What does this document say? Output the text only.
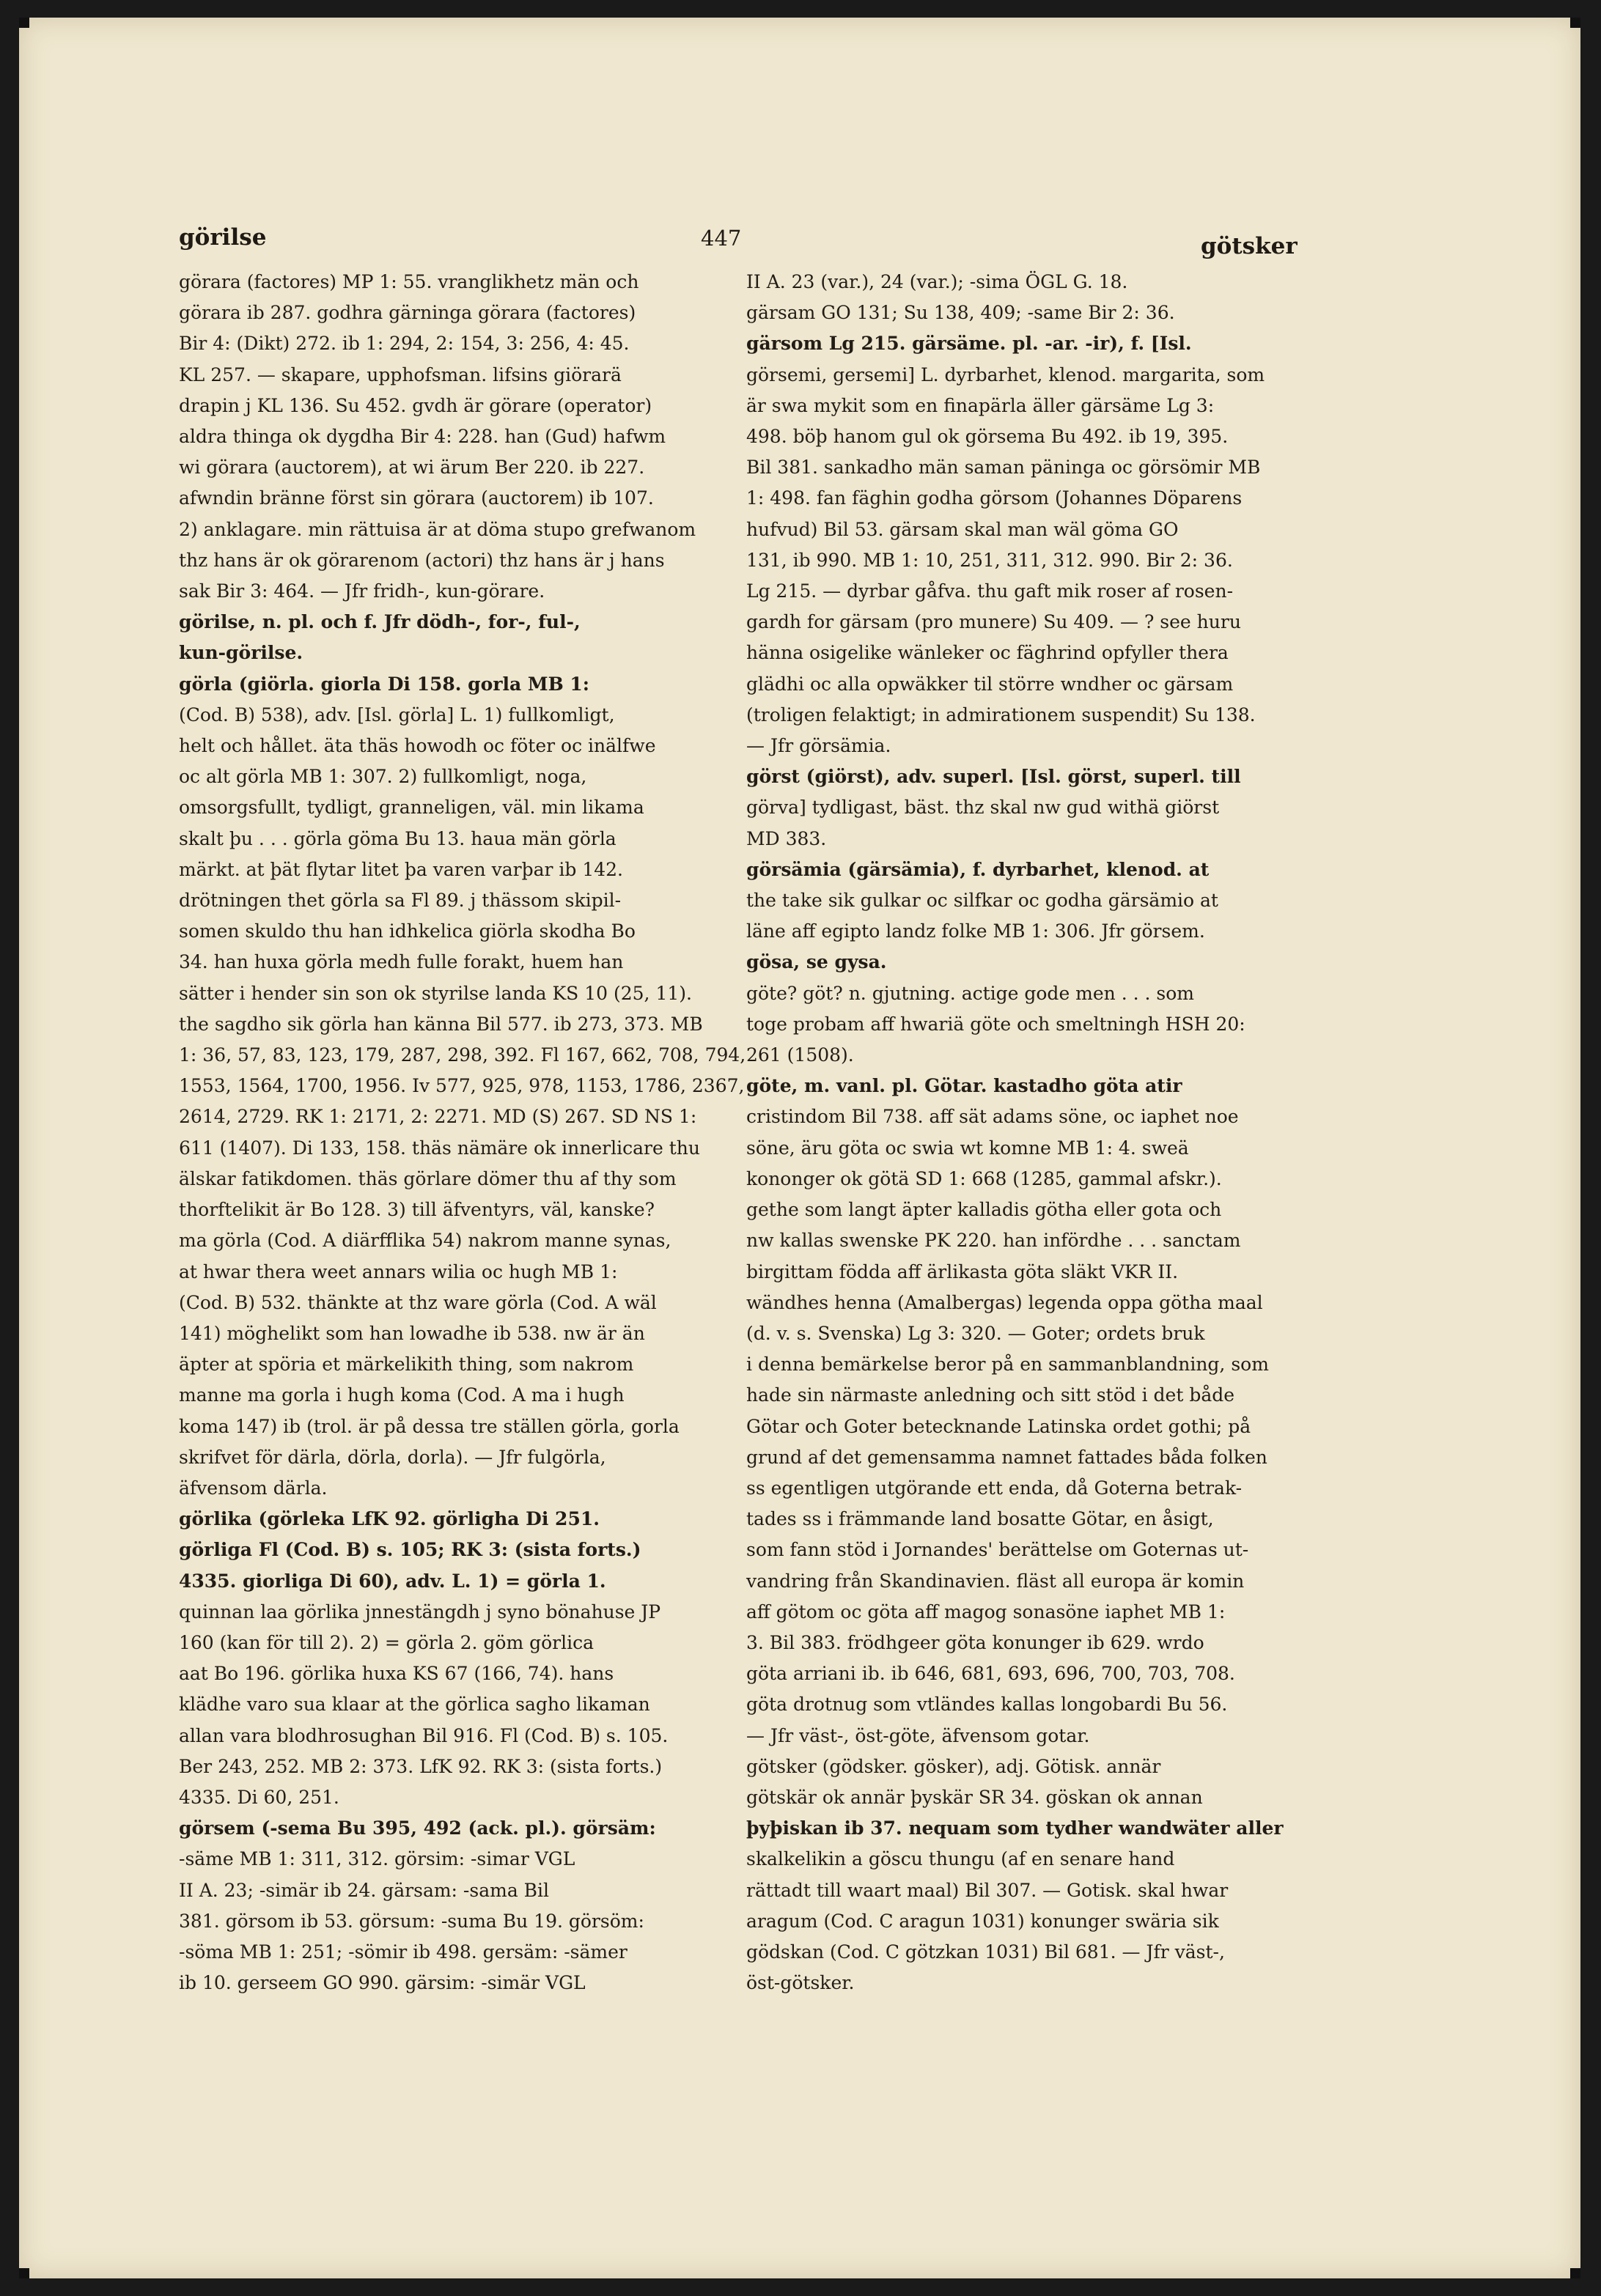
görilse	447	götsker

görara (factores) MP 1: 55. vranglikhetz män och

görara ib 287. godhra gärninga görara (factores)

Bir 4: (Dikt) 272. ib 1: 294, 2: 154, 3: 256, 4: 45.

KL 257. — skapare, upphofsman. lifsins giörarä

drapin j KL 136. Su 452. gvdh är görare (operator)

aldra thinga ok dygdha Bir 4: 228. han (Gud) hafwm

wi görara (auctorem), at wi ärum Ber 220. ib 227.

afwndin bränne först sin görara (auctorem) ib 107.

2) anklagare. min rättuisa är at döma stupo grefwanom

thz hans är ok görarenom (actori) thz hans är j hans

sak Bir 3: 464. — Jfr fridh-, kun-görare.

görilse, n. pl. och f. Jfr dödh-, for-, ful-,

kun-görilse.

görla (giörla. giorla Di 158. gorla MB 1:

(Cod. B) 538), adv. [Isl. görla] L. 1) fullkomligt,

helt och hållet. äta thäs howodh oc föter oc inälfwe

oc alt görla MB 1: 307. 2) fullkomligt, noga,

omsorgsfullt, tydligt, granneligen, väl. min likama

skalt þu . . . görla göma Bu 13. haua män görla

märkt. at þät flytar litet þa varen varþar ib 142.

drötningen thet görla sa Fl 89. j thässom skipil-

somen skuldo thu han idhkelica giörla skodha Bo

34. han huxa görla medh fulle forakt, huem han

sätter i hender sin son ok styrilse landa KS 10 (25, 11).

the sagdho sik görla han känna Bil 577. ib 273, 373. MB

1: 36, 57, 83, 123, 179, 287, 298, 392. Fl 167, 662, 708, 794,

1553, 1564, 1700, 1956. Iv 577, 925, 978, 1153, 1786, 2367,

2614, 2729. RK 1: 2171, 2: 2271. MD (S) 267. SD NS 1:

611 (1407). Di 133, 158. thäs nämäre ok innerlicare thu

älskar fatikdomen. thäs görlare dömer thu af thy som

thorftelikit är Bo 128. 3) till äfventyrs, väl, kanske?

ma görla (Cod. A diärfflika 54) nakrom manne synas,

at hwar thera weet annars wilia oc hugh MB 1:

(Cod. B) 532. thänkte at thz ware görla (Cod. A wäl

141) möghelikt som han lowadhe ib 538. nw är än

äpter at spöria et märkelikith thing, som nakrom

manne ma gorla i hugh koma (Cod. A ma i hugh

koma 147) ib (trol. är på dessa tre ställen görla, gorla

skrifvet för därla, dörla, dorla). — Jfr fulgörla,

äfvensom därla.

görlika (görleka LfK 92. görligha Di 251.

görliga Fl (Cod. B) s. 105; RK 3: (sista forts.)

4335. giorliga Di 60), adv. L. 1) = görla 1.

quinnan laa görlika jnnestängdh j syno bönahuse JP

160 (kan för till 2). 2) = görla 2. göm görlica

aat Bo 196. görlika huxa KS 67 (166, 74). hans

klädhe varo sua klaar at the görlica sagho likaman

allan vara blodhrosughan Bil 916. Fl (Cod. B) s. 105.

Ber 243, 252. MB 2: 373. LfK 92. RK 3: (sista forts.)

4335. Di 60, 251.

görsem (-sema Bu 395, 492 (ack. pl.). görsäm:

-säme MB 1: 311, 312. görsim: -simar VGL

II A. 23; -simär ib 24. gärsam: -sama Bil

381. görsom ib 53. görsum: -suma Bu 19. görsöm:

-söma MB 1: 251; -sömir ib 498. gersäm: -sämer

ib 10. gerseem GO 990. gärsim: -simär VGL

II A. 23 (var.), 24 (var.); -sima ÖGL G. 18.

gärsam GO 131; Su 138, 409; -same Bir 2: 36.

gärsom Lg 215. gärsäme. pl. -ar. -ir), f. [Isl.

görsemi, gersemi] L. dyrbarhet, klenod. margarita, som

är swa mykit som en finapärla äller gärsäme Lg 3:

498. böþ hanom gul ok görsema Bu 492. ib 19, 395.

Bil 381. sankadho män saman päninga oc görsömir MB

1: 498. fan fäghin godha görsom (Johannes Döparens

hufvud) Bil 53. gärsam skal man wäl göma GO

131, ib 990. MB 1: 10, 251, 311, 312. 990. Bir 2: 36.

Lg 215. — dyrbar gåfva. thu gaft mik roser af rosen-

gardh for gärsam (pro munere) Su 409. — ? see huru

hänna osigelike wänleker oc fäghrind opfyller thera

glädhi oc alla opwäkker til större wndher oc gärsam

(troligen felaktigt; in admirationem suspendit) Su 138.

— Jfr görsämia.

görst (giörst), adv. superl. [Isl. görst, superl. till

görva] tydligast, bäst. thz skal nw gud withä giörst

MD 383.

görsämia (gärsämia), f. dyrbarhet, klenod. at

the take sik gulkar oc silfkar oc godha gärsämio at

läne aff egipto landz folke MB 1: 306. Jfr görsem.

gösa, se gysa.

göte? göt? n. gjutning. actige gode men . . . som

toge probam aff hwariä göte och smeltningh HSH 20:

261 (1508).

göte, m. vanl. pl. Götar. kastadho göta atir

cristindom Bil 738. aff sät adams söne, oc iaphet noe

söne, äru göta oc swia wt komne MB 1: 4. sweä

kononger ok götä SD 1: 668 (1285, gammal afskr.).

gethe som langt äpter kalladis götha eller gota och

nw kallas swenske PK 220. han infördhe . . . sanctam

birgittam födda aff ärlikasta göta släkt VKR II.

wändhes henna (Amalbergas) legenda oppa götha maal

(d. v. s. Svenska) Lg 3: 320. — Goter; ordets bruk

i denna bemärkelse beror på en sammanblandning, som

hade sin närmaste anledning och sitt stöd i det både

Götar och Goter betecknande Latinska ordet gothi; på

grund af det gemensamma namnet fattades båda folken

ss egentligen utgörande ett enda, då Goterna betrak-

tades ss i främmande land bosatte Götar, en åsigt,

som fann stöd i Jornandes' berättelse om Goternas ut-

vandring från Skandinavien. fläst all europa är komin

aff götom oc göta aff magog sonasöne iaphet MB 1:

3. Bil 383. frödhgeer göta konunger ib 629. wrdo

göta arriani ib. ib 646, 681, 693, 696, 700, 703, 708.

göta drotnug som vtländes kallas longobardi Bu 56.

— Jfr väst-, öst-göte, äfvensom gotar.

götsker (gödsker. gösker), adj. Götisk. annär

götskär ok annär þyskär SR 34. göskan ok annan

þyþiskan ib 37. nequam som tydher wandwäter aller

skalkelikin a göscu thungu (af en senare hand

rättadt till waart maal) Bil 307. — Gotisk. skal hwar

aragum (Cod. C aragun 1031) konunger swäria sik

gödskan (Cod. C götzkan 1031) Bil 681. — Jfr väst-,

öst-götsker.
